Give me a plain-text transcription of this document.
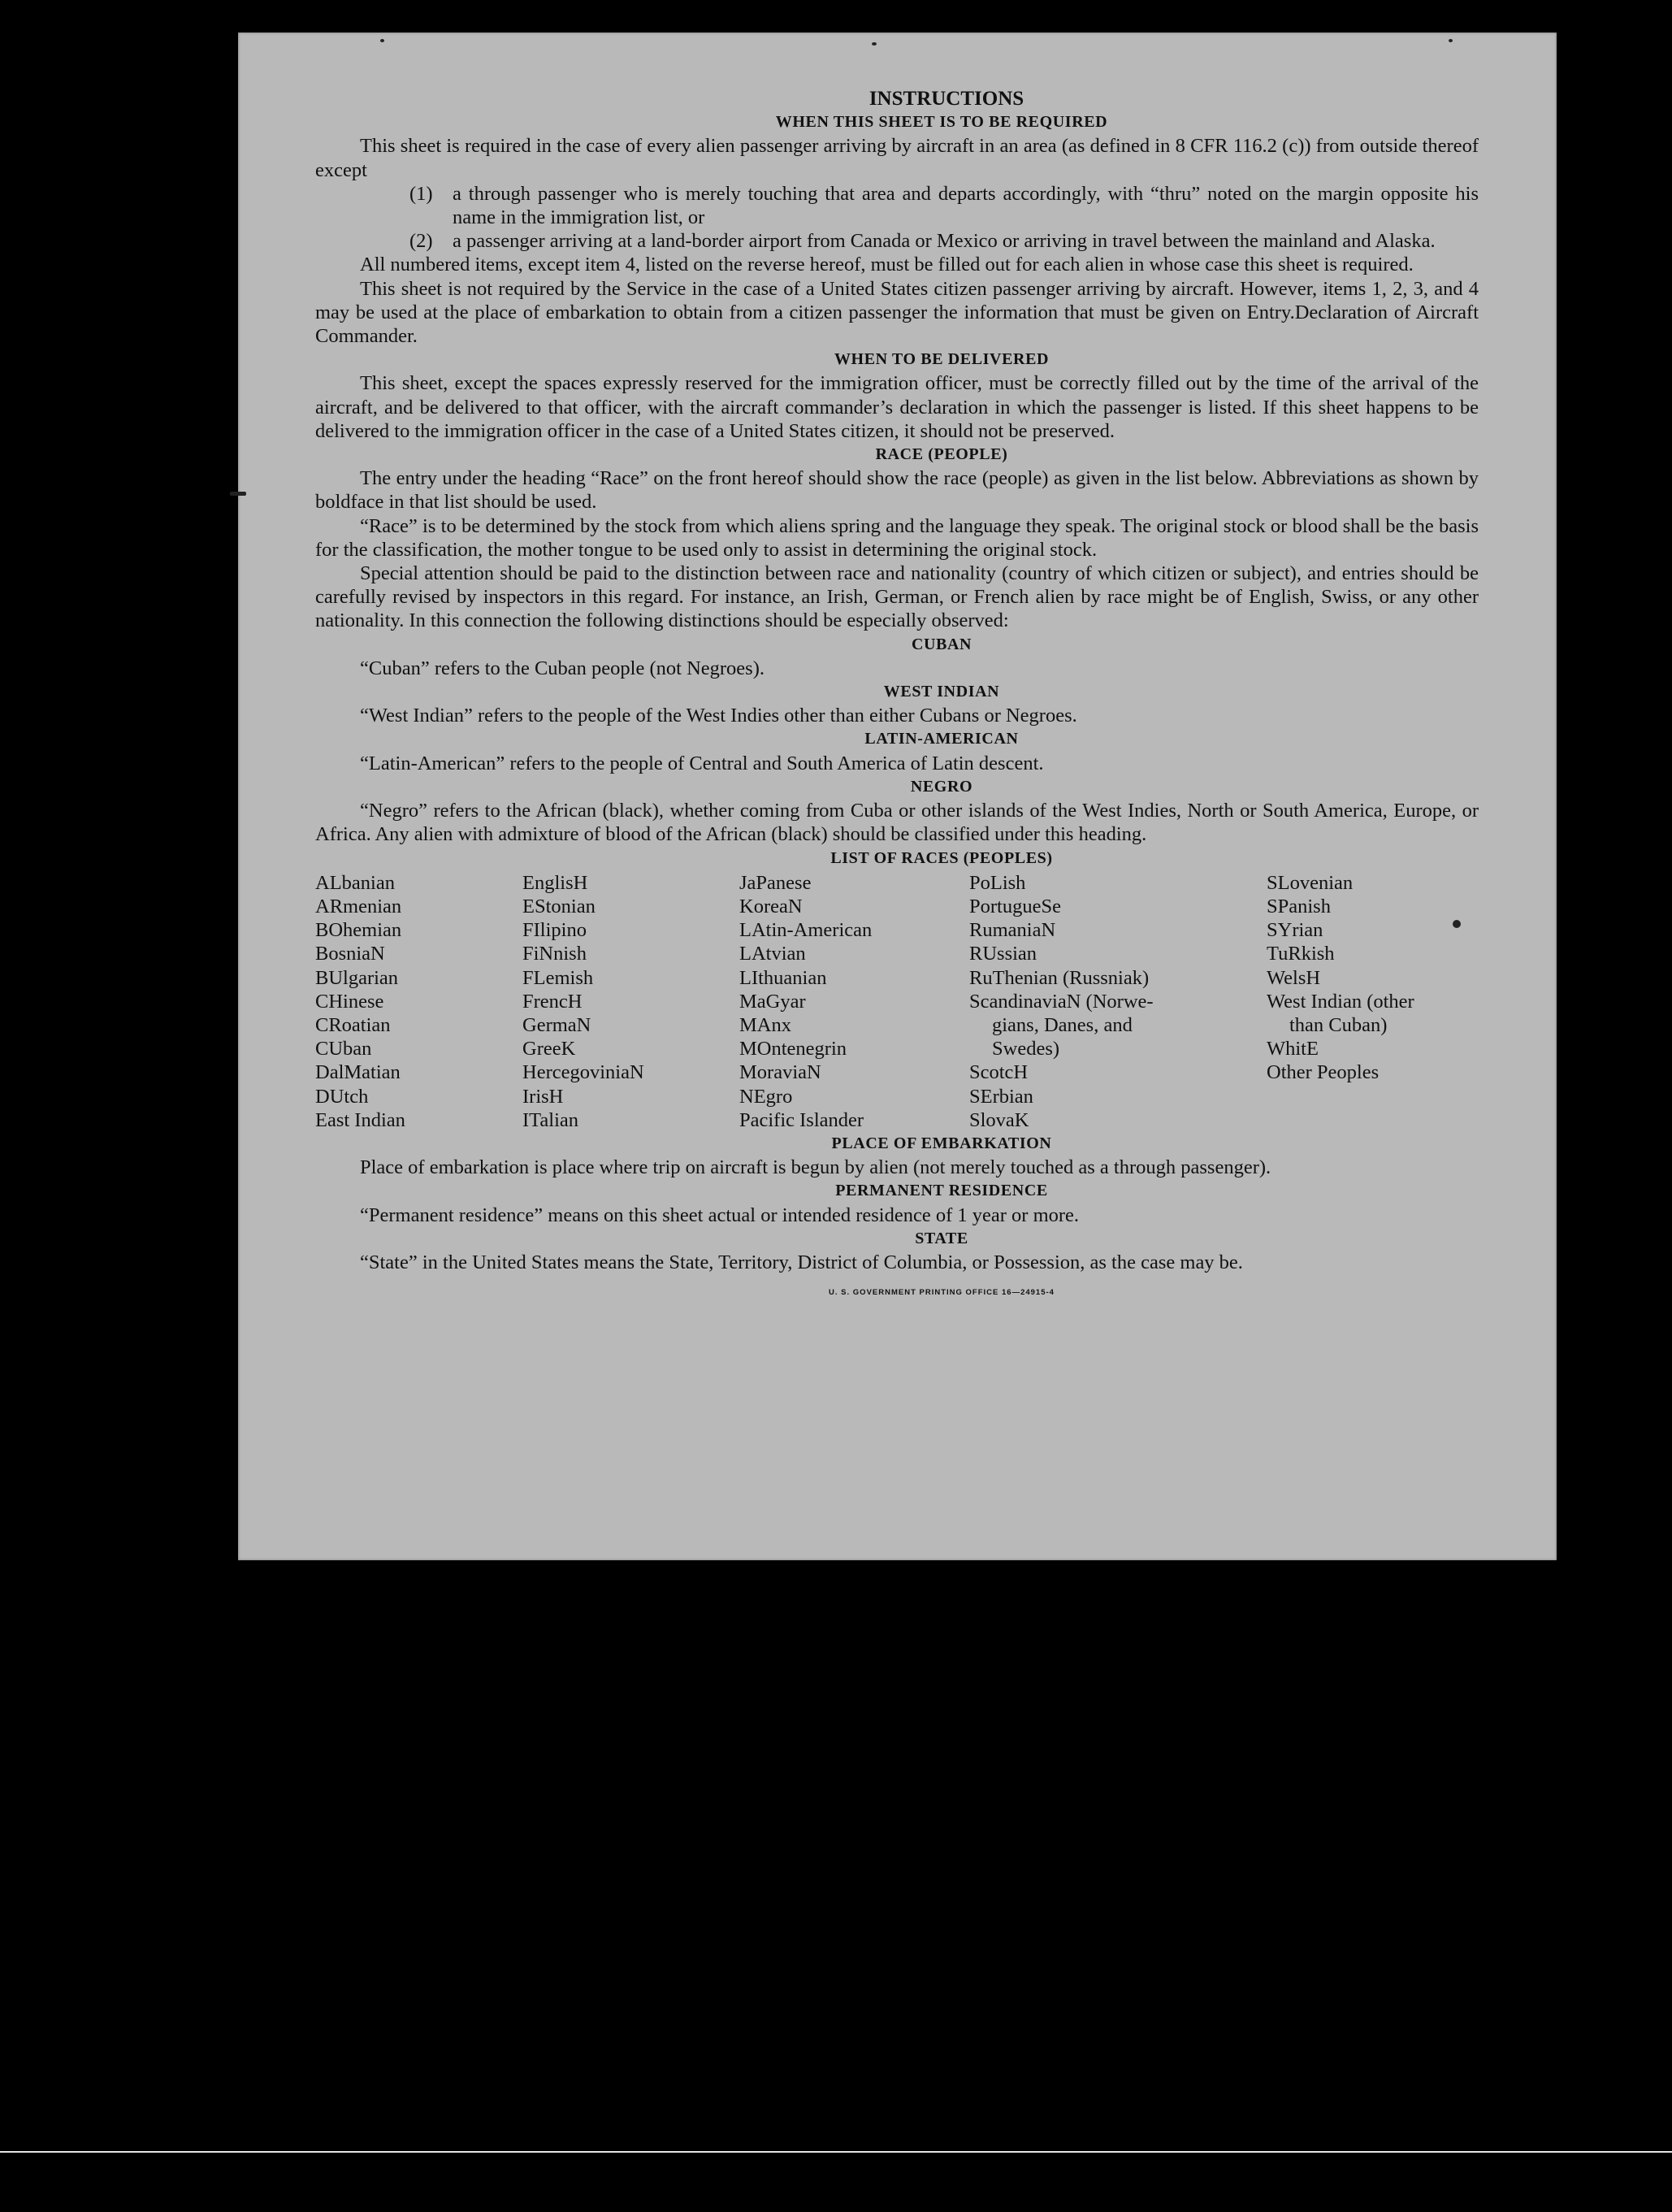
INSTRUCTIONS
WHEN THIS SHEET IS TO BE REQUIRED

This sheet is required in the case of every alien passenger arriving by aircraft in an area (as defined in 8 CFR 116.2 (c)) from outside thereof except

(1) a through passenger who is merely touching that area and departs accordingly, with “thru” noted on the margin opposite his name in the immigration list, or
(2) a passenger arriving at a land-border airport from Canada or Mexico or arriving in travel between the mainland and Alaska.

All numbered items, except item 4, listed on the reverse hereof, must be filled out for each alien in whose case this sheet is required.

This sheet is not required by the Service in the case of a United States citizen passenger arriving by aircraft. However, items 1, 2, 3, and 4 may be used at the place of embarkation to obtain from a citizen passenger the information that must be given on Entry.Declaration of Aircraft Commander.

WHEN TO BE DELIVERED

This sheet, except the spaces expressly reserved for the immigration officer, must be correctly filled out by the time of the arrival of the aircraft, and be delivered to that officer, with the aircraft commander’s declaration in which the passenger is listed. If this sheet happens to be delivered to the immigration officer in the case of a United States citizen, it should not be preserved.

RACE (PEOPLE)

The entry under the heading “Race” on the front hereof should show the race (people) as given in the list below. Abbreviations as shown by boldface in that list should be used.

“Race” is to be determined by the stock from which aliens spring and the language they speak. The original stock or blood shall be the basis for the classification, the mother tongue to be used only to assist in determining the original stock.

Special attention should be paid to the distinction between race and nationality (country of which citizen or subject), and entries should be carefully revised by inspectors in this regard. For instance, an Irish, German, or French alien by race might be of English, Swiss, or any other nationality. In this connection the following distinctions should be especially observed:

CUBAN

“Cuban” refers to the Cuban people (not Negroes).

WEST INDIAN

“West Indian” refers to the people of the West Indies other than either Cubans or Negroes.

LATIN-AMERICAN

“Latin-American” refers to the people of Central and South America of Latin descent.

NEGRO

“Negro” refers to the African (black), whether coming from Cuba or other islands of the West Indies, North or South America, Europe, or Africa. Any alien with admixture of blood of the African (black) should be classified under this heading.

LIST OF RACES (PEOPLES)
ALbanian
ARmenian
BOhemian
BosniaN
BUlgarian
CHinese
CRoatian
CUban
DalMatian
DUtch
East Indian
EnglisH
EStonian
FIlipino
FiNnish
FLemish
FrencH
GermaN
GreeK
HercegoviniaN
IrisH
ITalian
JaPanese
KoreaN
LAtin-American
LAtvian
LIthuanian
MaGyar
MAnx
MOntenegrin
MoraviaN
NEgro
Pacific Islander
PoLish
PortugueSe
RumaniaN
RUssian
RuThenian (Russniak)
ScandinaviaN (Norwe-
gians, Danes, and
Swedes)
ScotcH
SErbian
SlovaK
SLovenian
SPanish
SYrian
TuRkish
WelsH
West Indian (other
than Cuban)
WhitE
Other Peoples
PLACE OF EMBARKATION

Place of embarkation is place where trip on aircraft is begun by alien (not merely touched as a through passenger).

PERMANENT RESIDENCE

“Permanent residence” means on this sheet actual or intended residence of 1 year or more.

STATE

“State” in the United States means the State, Territory, District of Columbia, or Possession, as the case may be.

U. S. GOVERNMENT PRINTING OFFICE 16—24915-4
